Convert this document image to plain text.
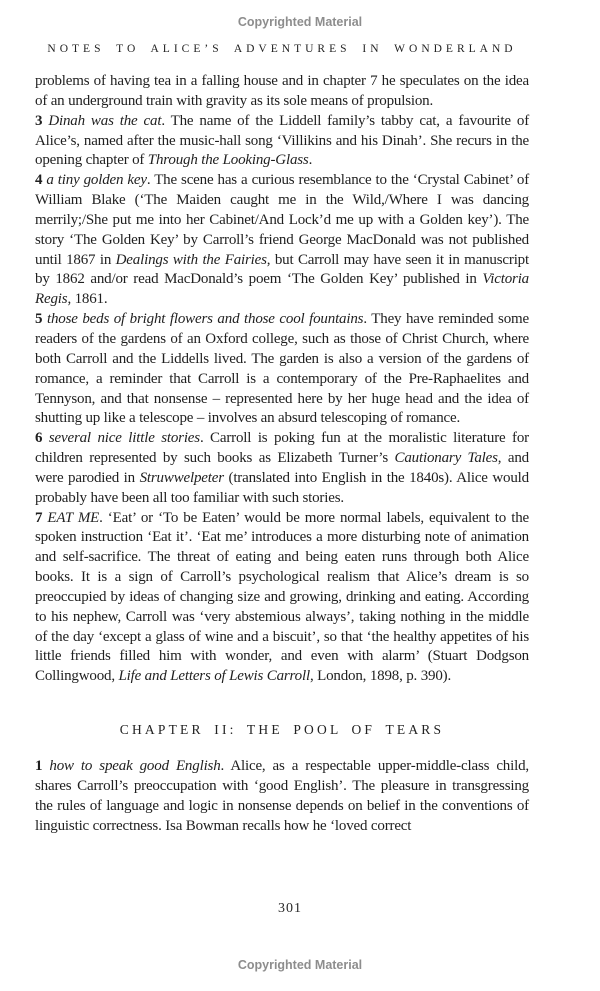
Copyrighted Material
NOTES TO ALICE’S ADVENTURES IN WONDERLAND

problems of having tea in a falling house and in chapter 7 he speculates on the idea of an underground train with gravity as its sole means of propulsion.

3 Dinah was the cat. The name of the Liddell family’s tabby cat, a favourite of Alice’s, named after the music-hall song ‘Villikins and his Dinah’. She recurs in the opening chapter of Through the Looking-Glass.

4 a tiny golden key. The scene has a curious resemblance to the ‘Crystal Cabinet’ of William Blake (‘The Maiden caught me in the Wild,/Where I was dancing merrily;/She put me into her Cabinet/And Lock’d me up with a Golden key’). The story ‘The Golden Key’ by Carroll’s friend George MacDonald was not published until 1867 in Dealings with the Fairies, but Carroll may have seen it in manuscript by 1862 and/or read MacDonald’s poem ‘The Golden Key’ published in Victoria Regis, 1861.

5 those beds of bright flowers and those cool fountains. They have reminded some readers of the gardens of an Oxford college, such as those of Christ Church, where both Carroll and the Liddells lived. The garden is also a version of the gardens of romance, a reminder that Carroll is a contemporary of the Pre-Raphaelites and Tennyson, and that nonsense – represented here by her huge head and the idea of shutting up like a telescope – involves an absurd telescoping of romance.

6 several nice little stories. Carroll is poking fun at the moralistic literature for children represented by such books as Elizabeth Turner’s Cautionary Tales, and were parodied in Struwwelpeter (translated into English in the 1840s). Alice would probably have been all too familiar with such stories.

7 EAT ME. ‘Eat’ or ‘To be Eaten’ would be more normal labels, equivalent to the spoken instruction ‘Eat it’. ‘Eat me’ introduces a more disturbing note of animation and self-sacrifice. The threat of eating and being eaten runs through both Alice books. It is a sign of Carroll’s psychological realism that Alice’s dream is so preoccupied by ideas of changing size and growing, drinking and eating. According to his nephew, Carroll was ‘very abstemious always’, taking nothing in the middle of the day ‘except a glass of wine and a biscuit’, so that ‘the healthy appetites of his little friends filled him with wonder, and even with alarm’ (Stuart Dodgson Collingwood, Life and Letters of Lewis Carroll, London, 1898, p. 390).

CHAPTER II: THE POOL OF TEARS

1 how to speak good English. Alice, as a respectable upper-middle-class child, shares Carroll’s preoccupation with ‘good English’. The pleasure in transgressing the rules of language and logic in nonsense depends on belief in the conventions of linguistic correctness. Isa Bowman recalls how he ‘loved correct

301
Copyrighted Material
